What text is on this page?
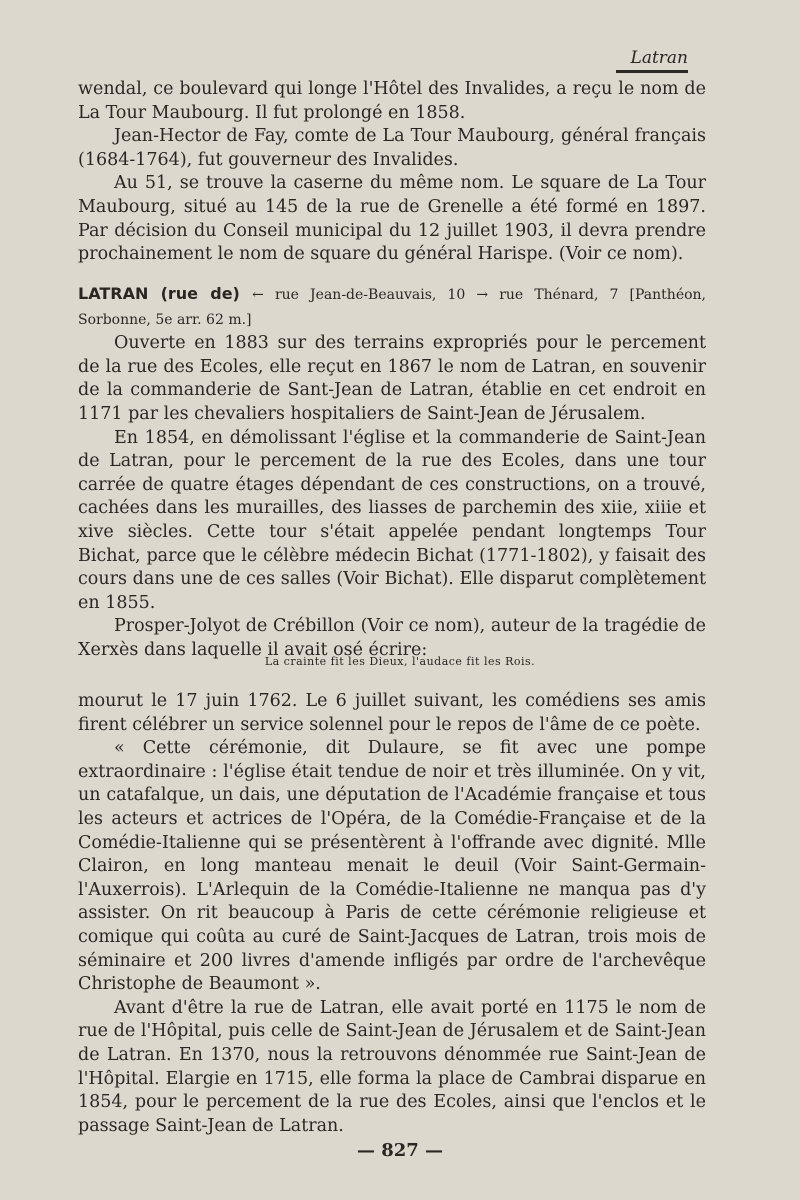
Latran

wendal, ce boulevard qui longe l'Hôtel des Invalides, a reçu le nom de La Tour Maubourg. Il fut prolongé en 1858.

Jean-Hector de Fay, comte de La Tour Maubourg, général français (1684-1764), fut gouverneur des Invalides.

Au 51, se trouve la caserne du même nom. Le square de La Tour Maubourg, situé au 145 de la rue de Grenelle a été formé en 1897. Par décision du Conseil municipal du 12 juillet 1903, il devra prendre prochainement le nom de square du général Harispe. (Voir ce nom).

LATRAN (rue de) ← rue Jean-de-Beauvais, 10 → rue Thénard, 7 [Panthéon, Sorbonne, 5e arr. 62 m.]

Ouverte en 1883 sur des terrains expropriés pour le percement de la rue des Ecoles, elle reçut en 1867 le nom de Latran, en souvenir de la commanderie de Sant-Jean de Latran, établie en cet endroit en 1171 par les chevaliers hospitaliers de Saint-Jean de Jérusalem.

En 1854, en démolissant l'église et la commanderie de Saint-Jean de Latran, pour le percement de la rue des Ecoles, dans une tour carrée de quatre étages dépendant de ces constructions, on a trouvé, cachées dans les murailles, des liasses de parchemin des xiie, xiiie et xive siècles. Cette tour s'était appelée pendant longtemps Tour Bichat, parce que le célèbre médecin Bichat (1771-1802), y faisait des cours dans une de ces salles (Voir Bichat). Elle disparut complètement en 1855.

Prosper-Jolyot de Crébillon (Voir ce nom), auteur de la tragédie de Xerxès dans laquelle il avait osé écrire:

La crainte fit les Dieux, l'audace fit les Rois.

mourut le 17 juin 1762. Le 6 juillet suivant, les comédiens ses amis firent célébrer un service solennel pour le repos de l'âme de ce poète.

« Cette cérémonie, dit Dulaure, se fit avec une pompe extraordinaire : l'église était tendue de noir et très illuminée. On y vit, un catafalque, un dais, une députation de l'Académie française et tous les acteurs et actrices de l'Opéra, de la Comédie-Française et de la Comédie-Italienne qui se présentèrent à l'offrande avec dignité. Mlle Clairon, en long manteau menait le deuil (Voir Saint-Germain-l'Auxerrois). L'Arlequin de la Comédie-Italienne ne manqua pas d'y assister. On rit beaucoup à Paris de cette cérémonie religieuse et comique qui coûta au curé de Saint-Jacques de Latran, trois mois de séminaire et 200 livres d'amende infligés par ordre de l'archevêque Christophe de Beaumont ».

Avant d'être la rue de Latran, elle avait porté en 1175 le nom de rue de l'Hôpital, puis celle de Saint-Jean de Jérusalem et de Saint-Jean de Latran. En 1370, nous la retrouvons dénommée rue Saint-Jean de l'Hôpital. Elargie en 1715, elle forma la place de Cambrai disparue en 1854, pour le percement de la rue des Ecoles, ainsi que l'enclos et le passage Saint-Jean de Latran.

— 827 —
